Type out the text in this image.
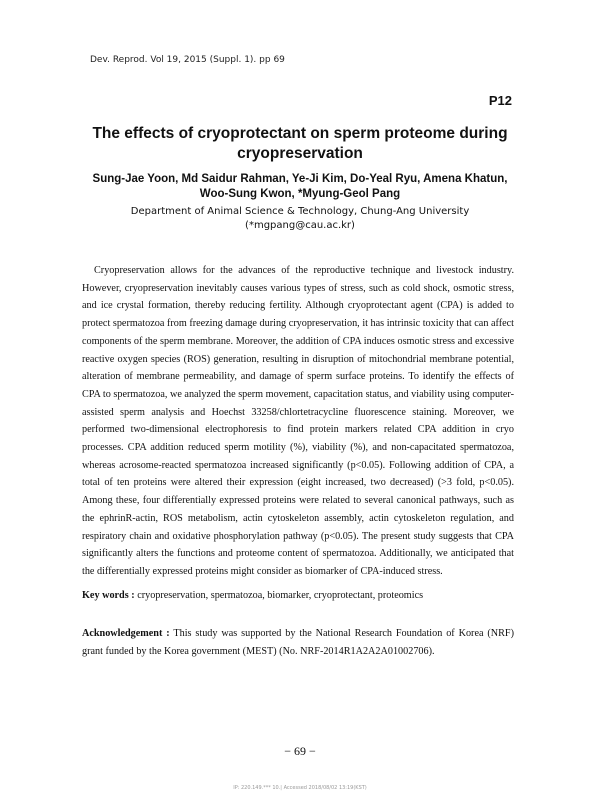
Dev. Reprod. Vol 19, 2015 (Suppl. 1). pp 69
P12
The effects of cryoprotectant on sperm proteome during
cryopreservation
Sung-Jae Yoon, Md Saidur Rahman, Ye-Ji Kim, Do-Yeal Ryu, Amena Khatun,
Woo-Sung Kwon, *Myung-Geol Pang
Department of Animal Science & Technology, Chung-Ang University
(*mgpang@cau.ac.kr)

Cryopreservation allows for the advances of the reproductive technique and livestock industry. However, cryopreservation inevitably causes various types of stress, such as cold shock, osmotic stress, and ice crystal formation, thereby reducing fertility. Although cryoprotectant agent (CPA) is added to protect spermatozoa from freezing damage during cryopreservation, it has intrinsic toxicity that can affect components of the sperm membrane. Moreover, the addition of CPA induces osmotic stress and excessive reactive oxygen species (ROS) generation, resulting in disruption of mitochondrial membrane potential, alteration of membrane permeability, and damage of sperm surface proteins. To identify the effects of CPA to spermatozoa, we analyzed the sperm movement, capacitation status, and viability using computer-assisted sperm analysis and Hoechst 33258/chlortetracycline fluorescence staining. Moreover, we performed two-dimensional electrophoresis to find protein markers related CPA addition in cryo processes. CPA addition reduced sperm motility (%), viability (%), and non-capacitated spermatozoa, whereas acrosome-reacted spermatozoa increased significantly (p<0.05). Following addition of CPA, a total of ten proteins were altered their expression (eight increased, two decreased) (>3 fold, p<0.05). Among these, four differentially expressed proteins were related to several canonical pathways, such as the ephrinR-actin, ROS metabolism, actin cytoskeleton assembly, actin cytoskeleton regulation, and respiratory chain and oxidative phosphorylation pathway (p<0.05). The present study suggests that CPA significantly alters the functions and proteome content of spermatozoa. Additionally, we anticipated that the differentially expressed proteins might consider as biomarker of CPA-induced stress.

Key words : cryopreservation, spermatozoa, biomarker, cryoprotectant, proteomics

Acknowledgement : This study was supported by the National Research Foundation of Korea (NRF) grant funded by the Korea government (MEST) (No. NRF-2014R1A2A2A01002706).

− 69 −
IP: 220.149.*** 10.| Accessed 2018/08/02 13:19(KST)
